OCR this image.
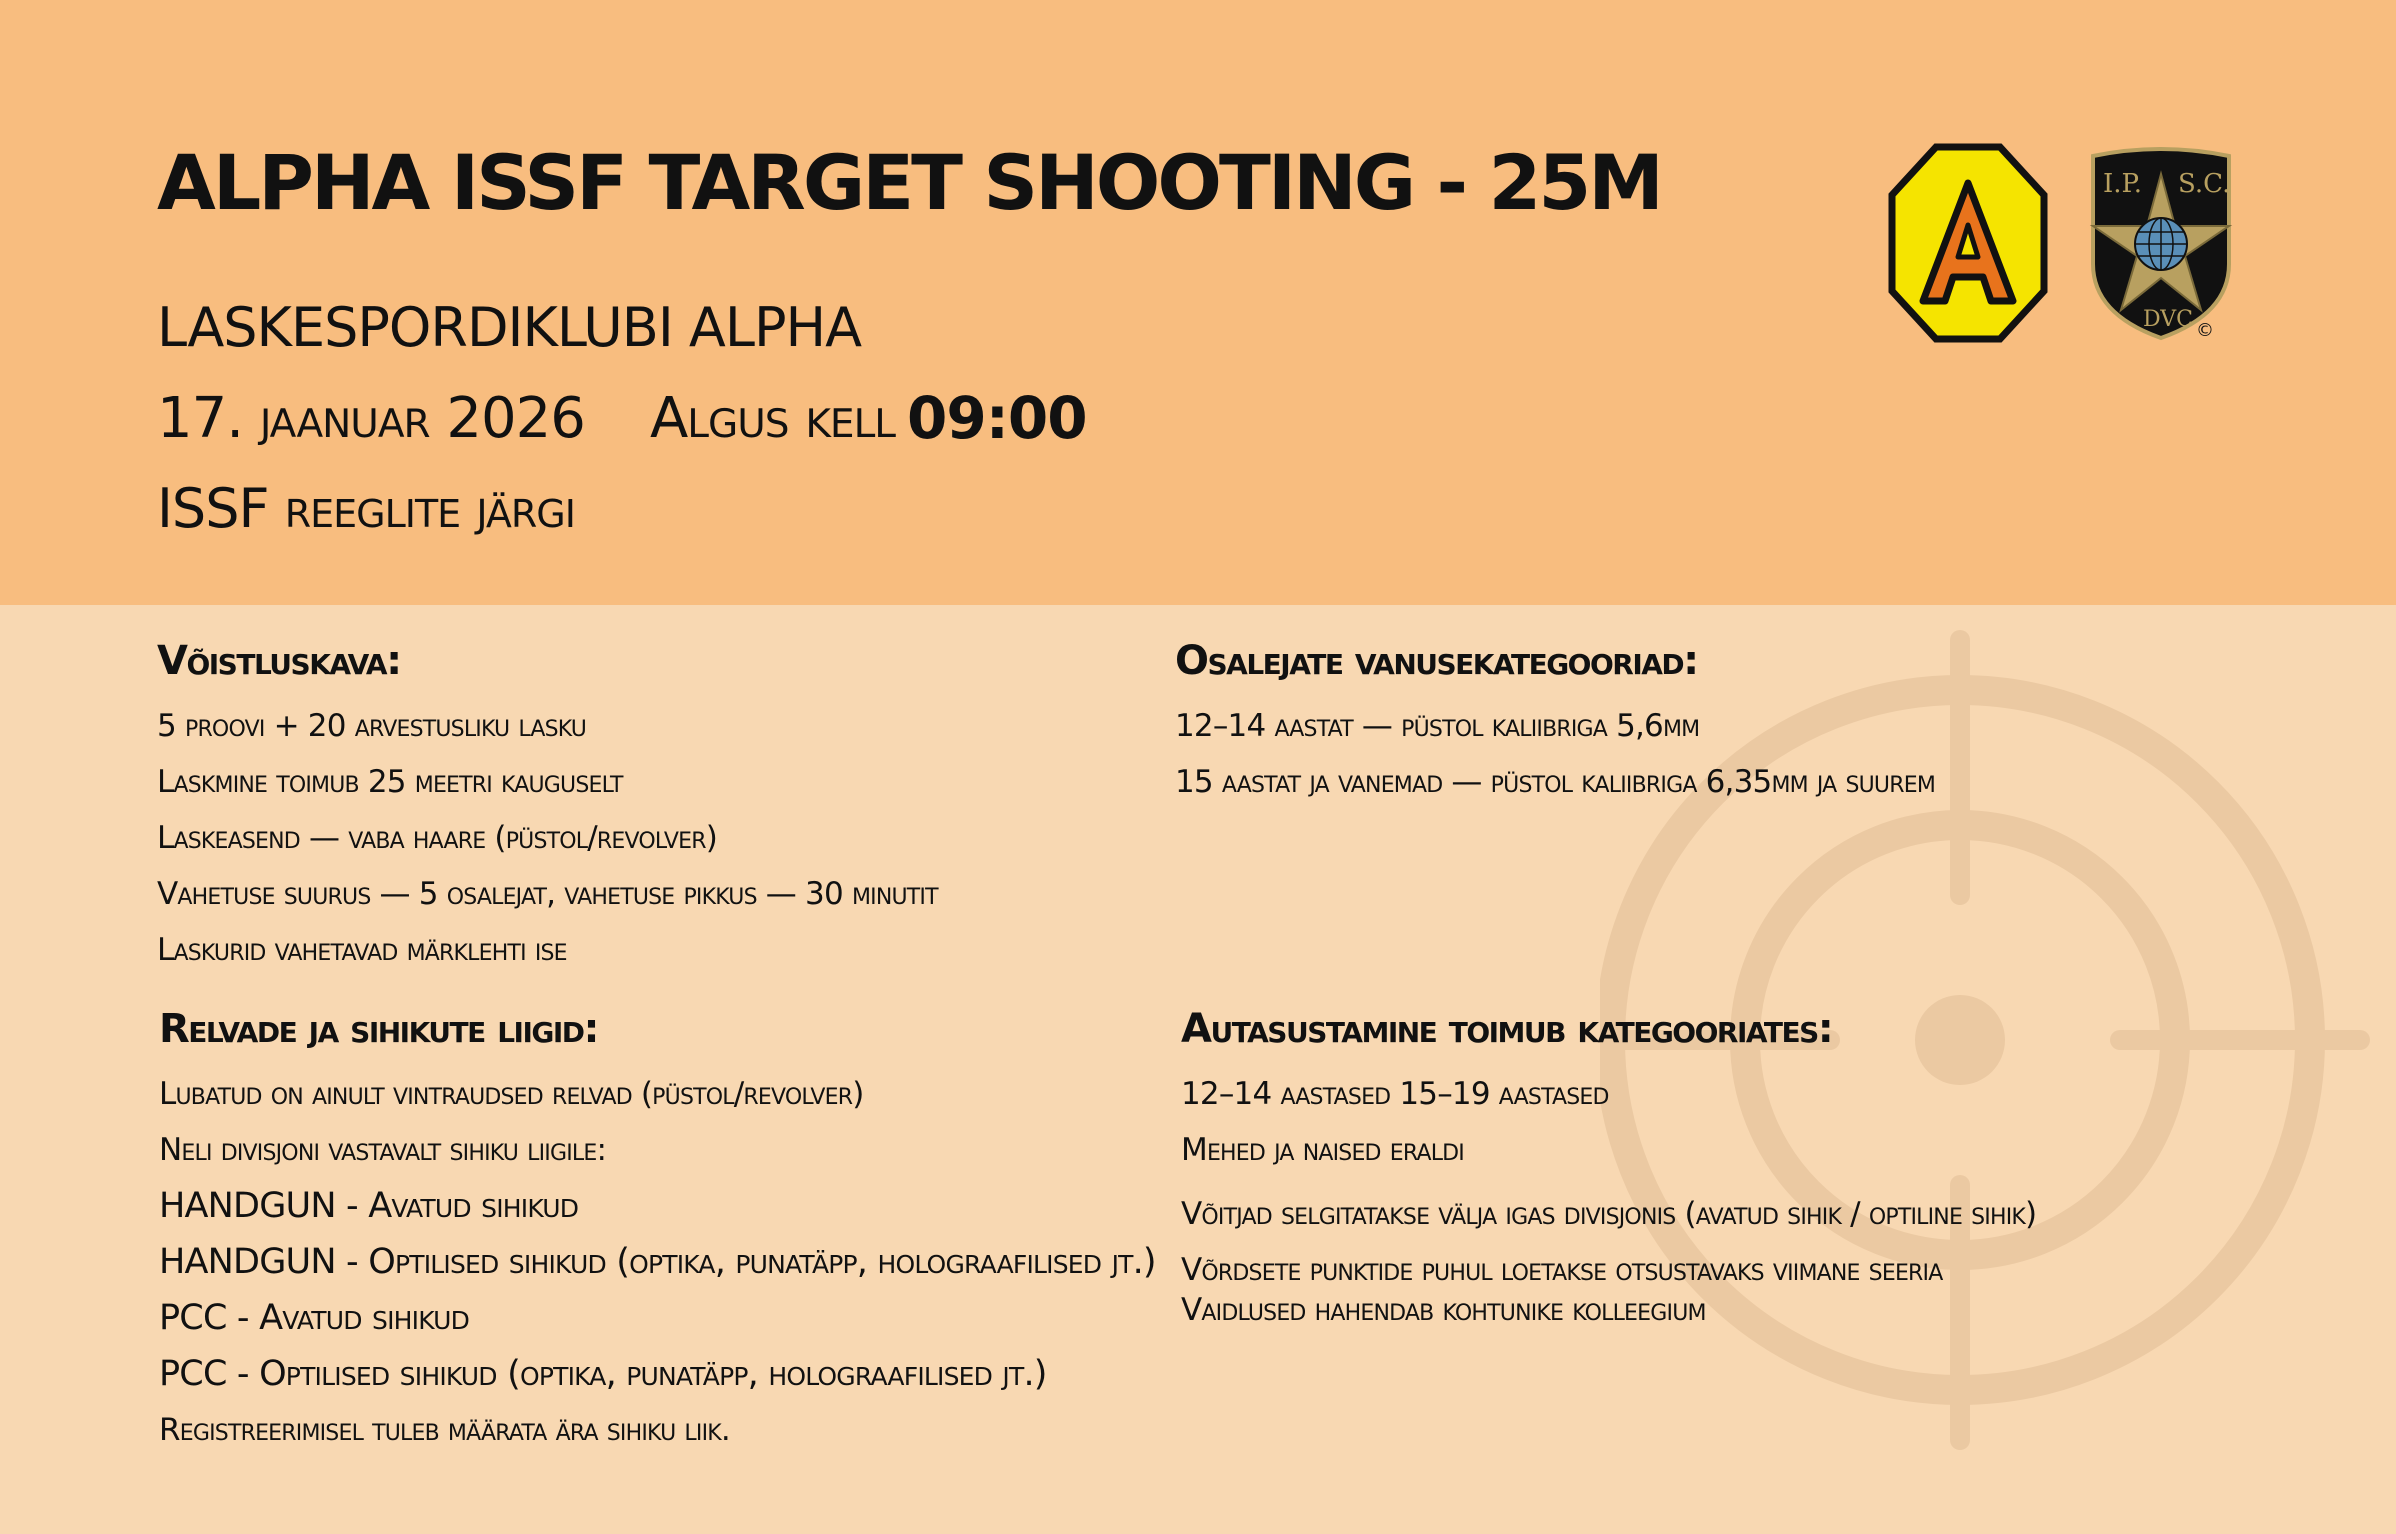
ALPHA ISSF TARGET SHOOTING - 25M
LASKESPORDIKLUBI ALPHA
17. jaanuar 2026 Algus kell 09:00
ISSF reeglite järgi
I.P. S.C.
DVC ©
Võistluskava:
5 proovi + 20 arvestusliku lasku
Laskmine toimub 25 meetri kauguselt
Laskeasend — vaba haare (püstol/revolver)
Vahetuse suurus — 5 osalejat, vahetuse pikkus — 30 minutit
Laskurid vahetavad märklehti ise
Osalejate vanusekategooriad:
12–14 aastat — püstol kaliibriga 5,6mm
15 aastat ja vanemad — püstol kaliibriga 6,35mm ja suurem
Relvade ja sihikute liigid:
Lubatud on ainult vintraudsed relvad (püstol/revolver)
Neli divisjoni vastavalt sihiku liigile:
HANDGUN - Avatud sihikud
HANDGUN - Optilised sihikud (optika, punatäpp, holograafilised jt.)
PCC - Avatud sihikud
PCC - Optilised sihikud (optika, punatäpp, holograafilised jt.)
Registreerimisel tuleb määrata ära sihiku liik.
Autasustamine toimub kategooriates:
12–14 aastased 15–19 aastased
Mehed ja naised eraldi
Võitjad selgitatakse välja igas divisjonis (avatud sihik / optiline sihik)
Võrdsete punktide puhul loetakse otsustavaks viimane seeria
Vaidlused hahendab kohtunike kolleegium
